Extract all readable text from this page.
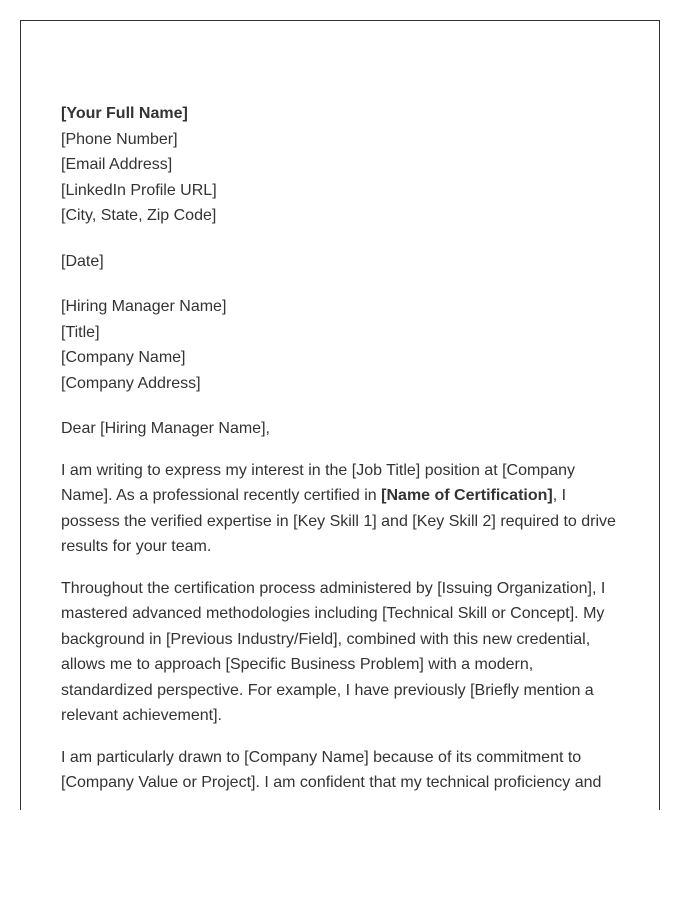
[Your Full Name]

[Phone Number]

[Email Address]

[LinkedIn Profile URL]

[City, State, Zip Code]

[Date]

[Hiring Manager Name]

[Title]

[Company Name]

[Company Address]

Dear [Hiring Manager Name],

I am writing to express my interest in the [Job Title] position at [Company Name]. As a professional recently certified in [Name of Certification], I possess the verified expertise in [Key Skill 1] and [Key Skill 2] required to drive results for your team.

Throughout the certification process administered by [Issuing Organization], I mastered advanced methodologies including [Technical Skill or Concept]. My background in [Previous Industry/Field], combined with this new credential, allows me to approach [Specific Business Problem] with a modern, standardized perspective. For example, I have previously [Briefly mention a relevant achievement].

I am particularly drawn to [Company Name] because of its commitment to [Company Value or Project]. I am confident that my technical proficiency and
